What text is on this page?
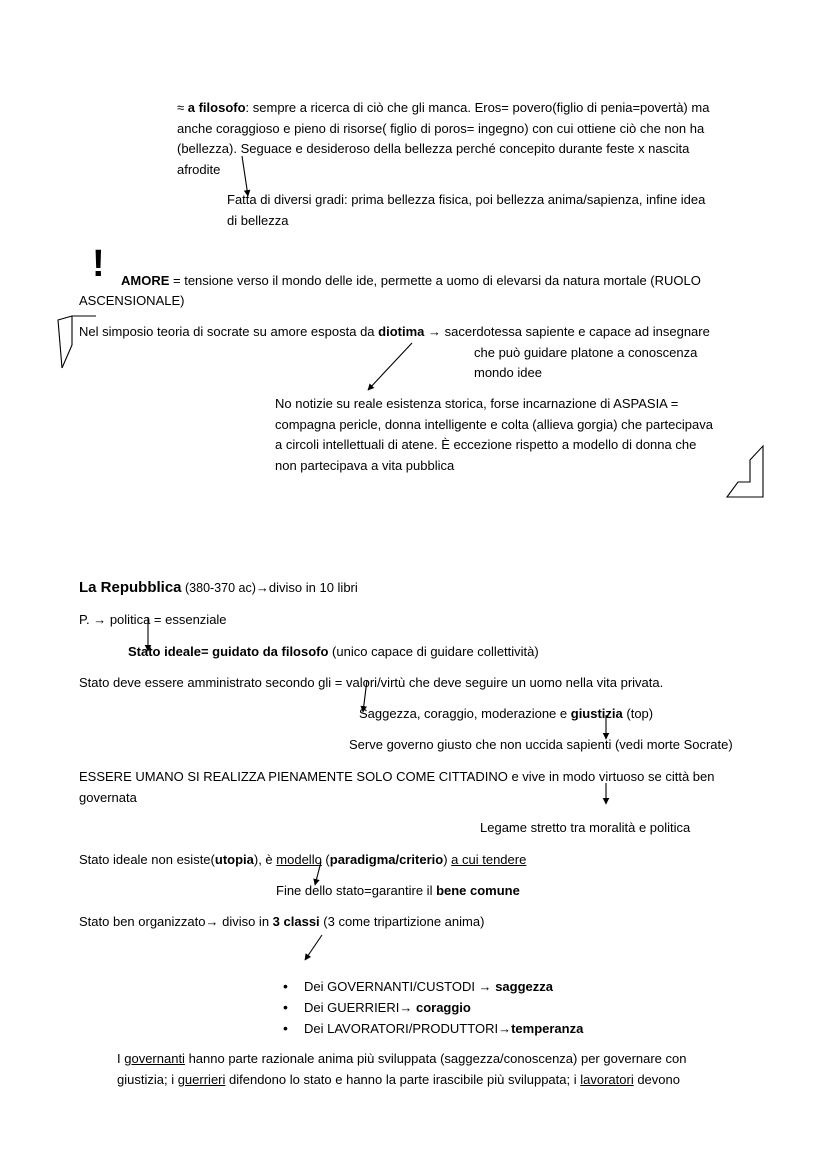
≈ a filosofo: sempre a ricerca di ciò che gli manca. Eros= povero(figlio di penia=povertà) ma
anche coraggioso e pieno di risorse( figlio di poros= ingegno) con cui ottiene ciò che non ha
(bellezza). Seguace e desideroso della bellezza perché concepito durante feste x nascita
afrodite
Fatta di diversi gradi: prima bellezza fisica, poi bellezza anima/sapienza, infine idea
di bellezza
! AMORE = tensione verso il mondo delle ide, permette a uomo di elevarsi da natura mortale (RUOLO
ASCENSIONALE)
Nel simposio teoria di socrate su amore esposta da diotima → sacerdotessa sapiente e capace ad insegnare
che può guidare platone a conoscenza
mondo idee
No notizie su reale esistenza storica, forse incarnazione di ASPASIA =
compagna pericle, donna intelligente e colta (allieva gorgia) che partecipava
a circoli intellettuali di atene. È eccezione rispetto a modello di donna che
non partecipava a vita pubblica
La Repubblica (380-370 ac)→diviso in 10 libri
P. → politica = essenziale
Stato ideale= guidato da filosofo (unico capace di guidare collettività)
Stato deve essere amministrato secondo gli = valori/virtù che deve seguire un uomo nella vita privata.
Saggezza, coraggio, moderazione e giustizia (top)
Serve governo giusto che non uccida sapienti (vedi morte Socrate)
ESSERE UMANO SI REALIZZA PIENAMENTE SOLO COME CITTADINO e vive in modo virtuoso se città ben
governata
Legame stretto tra moralità e politica
Stato ideale non esiste(utopia), è modello (paradigma/criterio) a cui tendere
Fine dello stato=garantire il bene comune
Stato ben organizzato→ diviso in 3 classi (3 come tripartizione anima)
• Dei GOVERNANTI/CUSTODI → saggezza
• Dei GUERRIERI→ coraggio
• Dei LAVORATORI/PRODUTTORI→temperanza
I governanti hanno parte razionale anima più sviluppata (saggezza/conoscenza) per governare con
giustizia; i guerrieri difendono lo stato e hanno la parte irascibile più sviluppata; i lavoratori devono
